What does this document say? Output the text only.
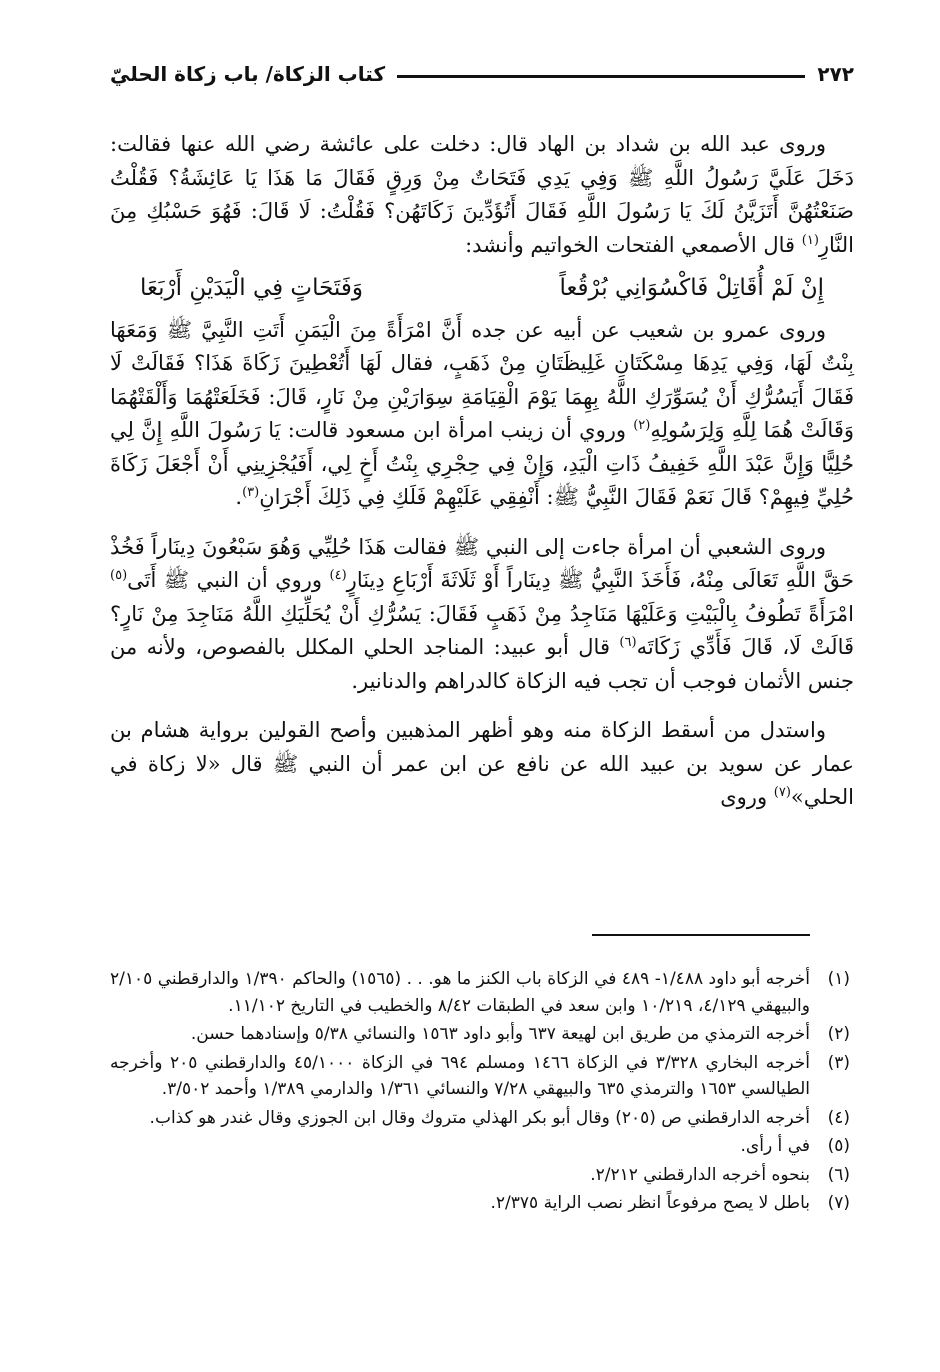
٢٧٢
كتاب الزكاة/ باب زكاة الحليّ

وروى عبد الله بن شداد بن الهاد قال: دخلت على عائشة رضي الله عنها فقالت: دَخَلَ عَلَيَّ رَسُولُ اللَّهِ ﷺ وَفِي يَدِي فَتَحَاتٌ مِنْ وَرِقٍ فَقَالَ مَا هَذَا يَا عَائِشَةُ؟ فَقُلْتُ صَنَعْتُهُنَّ أَتَزَيَّنُ لَكَ يَا رَسُولَ اللَّهِ فَقَالَ أَتُؤَدِّينَ زَكَاتَهُن؟ فَقُلْتُ: لَا قَالَ: فَهُوَ حَسْبُكِ مِنَ النَّارِ$^{(١)}$ قال الأصمعي الفتحات الخواتيم وأنشد:

إِنْ لَمْ أُقَاتِلْ فَاكْسُوَانِي بُرْقُعاً
وَفَتَحَاتٍ فِي الْيَدَيْنِ أَرْبَعَا

وروى عمرو بن شعيب عن أبيه عن جده أَنَّ امْرَأَةً مِنَ الْيَمَنِ أَتَتِ النَّبِيَّ ﷺ وَمَعَهَا بِنْتٌ لَهَا، وَفِي يَدِهَا مِسْكَتَانِ غَلِيظَتَانِ مِنْ ذَهَبٍ، فقال لَهَا أَتُعْطِينَ زَكَاةَ هَذَا؟ فَقَالَتْ لَا فَقَالَ أَيَسُرُّكِ أَنْ يُسَوِّرَكِ اللَّهُ بِهِمَا يَوْمَ الْقِيَامَةِ سِوَارَيْنِ مِنْ نَارٍ، قَالَ: فَخَلَعَتْهُمَا وَأَلْقَتْهُمَا وَقَالَتْ هُمَا لِلَّهِ وَلِرَسُولِهِ$^{(٢)}$ وروي أن زينب امرأة ابن مسعود قالت: يَا رَسُولَ اللَّهِ إِنَّ لِي حُلِيًّا وَإِنَّ عَبْدَ اللَّهِ خَفِيفُ ذَاتِ الْيَدِ، وَإِنْ فِي حِجْرِي بِنْتُ أَخٍ لِي، أَفَيُجْزِينِي أَنْ أَجْعَلَ زَكَاةَ حُلِيِّ فِيهِمْ؟ قَالَ نَعَمْ فَقَالَ النَّبِيُّ ﷺ: أَنْفِقِي عَلَيْهِمْ فَلَكِ فِي ذَلِكَ أَجْرَانِ$^{(٣)}$.

وروى الشعبي أن امرأة جاءت إلى النبي ﷺ فقالت هَذَا حُلِيِّي وَهُوَ سَبْعُونَ دِينَاراً فَخُذْ حَقَّ اللَّهِ تَعَالَى مِنْهُ، فَأَخَذَ النَّبِيُّ ﷺ دِينَاراً أَوْ ثَلَاثَةَ أَرْبَاعِ دِينَارٍ$^{(٤)}$ وروي أن النبي ﷺ أَتَى$^{(٥)}$ امْرَأَةً تَطُوفُ بِالْبَيْتِ وَعَلَيْهَا مَنَاجِدُ مِنْ ذَهَبٍ فَقَالَ: يَسُرُّكِ أَنْ يُحَلِّيَكِ اللَّهُ مَنَاجِدَ مِنْ نَارٍ؟ قَالَتْ لَا، قَالَ فَأَدِّي زَكَاتَه$^{(٦)}$ قال أبو عبيد: المناجد الحلي المكلل بالفصوص، ولأنه من جنس الأثمان فوجب أن تجب فيه الزكاة كالدراهم والدنانير.

واستدل من أسقط الزكاة منه وهو أظهر المذهبين وأصح القولين برواية هشام بن عمار عن سويد بن عبيد الله عن نافع عن ابن عمر أن النبي ﷺ قال «لا زكاة في الحلي»$^{(٧)}$ وروى

(١)
أخرجه أبو داود ١/٤٨٨- ٤٨٩ في الزكاة باب الكنز ما هو. . . (١٥٦٥) والحاكم ١/٣٩٠ والدارقطني ٢/١٠٥ والبيهقي ٤/١٢٩، ١٠/٢١٩ وابن سعد في الطبقات ٨/٤٢ والخطيب في التاريخ ١١/١٠٢.
(٢)
أخرجه الترمذي من طريق ابن لهيعة ٦٣٧ وأبو داود ١٥٦٣ والنسائي ٥/٣٨ وإسنادهما حسن.
(٣)
أخرجه البخاري ٣/٣٢٨ في الزكاة ١٤٦٦ ومسلم ٦٩٤ في الزكاة ٤٥/١٠٠٠ والدارقطني ٢٠٥ وأخرجه الطيالسي ١٦٥٣ والترمذي ٦٣٥ والبيهقي ٧/٢٨ والنسائي ١/٣٦١ والدارمي ١/٣٨٩ وأحمد ٣/٥٠٢.
(٤)
أخرجه الدارقطني ص (٢٠٥) وقال أبو بكر الهذلي متروك وقال ابن الجوزي وقال غندر هو كذاب.
(٥)
في أ رأى.
(٦)
بنحوه أخرجه الدارقطني ٢/٢١٢.
(٧)
باطل لا يصح مرفوعاً انظر نصب الراية ٢/٣٧٥.
